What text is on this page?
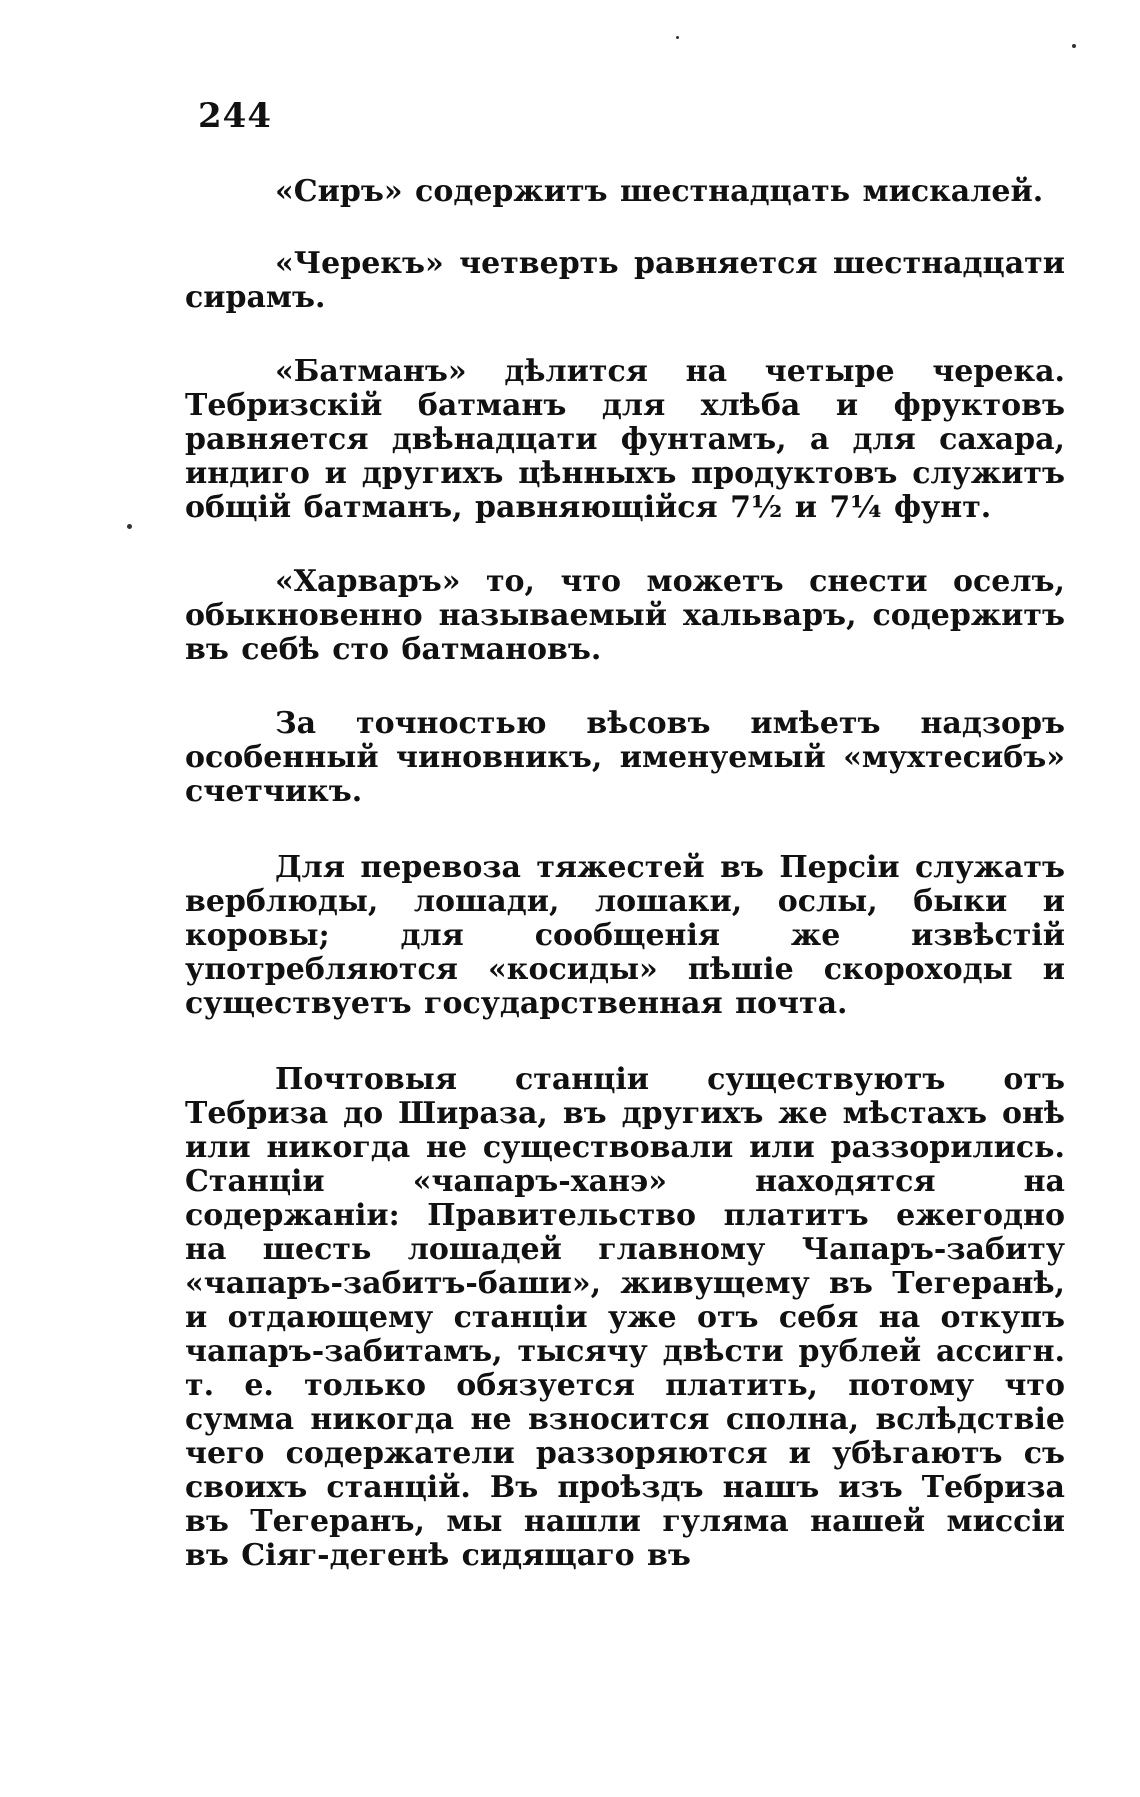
244

«Сиръ» содержитъ шестнадцать мискалей.

«Черекъ» четверть равняется шестнадцати сирамъ.

«Батманъ» дѣлится на четыре черека. Тебризскій батманъ для хлѣба и фруктовъ равняется двѣнадцати фунтамъ, а для сахара, индиго и другихъ цѣнныхъ продуктовъ служитъ общій батманъ, равняющійся 7½ и 7¼ фунт.

«Харваръ» то, что можетъ снести оселъ, обыкновенно называемый хальваръ, содержитъ въ себѣ сто батмановъ.

За точностью вѣсовъ имѣетъ надзоръ особенный чиновникъ, именуемый «мухтесибъ» счетчикъ.

Для перевоза тяжестей въ Персіи служатъ верблюды, лошади, лошаки, ослы, быки и коровы; для сообщенія же извѣстій употребляются «косиды» пѣшіе скороходы и существуетъ государственная почта.

Почтовыя станціи существуютъ отъ Тебриза до Шираза, въ другихъ же мѣстахъ онѣ или никогда не существовали или раззорились. Станціи «чапаръ-ханэ» находятся на содержаніи: Правительство платитъ ежегодно на шесть лошадей главному Чапаръ-забиту «чапаръ-забитъ-баши», живущему въ Тегеранѣ, и отдающему станціи уже отъ себя на откупъ чапаръ-забитамъ, тысячу двѣсти рублей ассигн. т. е. только обязуется платить, потому что сумма никогда не взносится сполна, вслѣдствіе чего содержатели раззоряются и убѣгаютъ съ своихъ станцій. Въ проѣздъ нашъ изъ Тебриза въ Тегеранъ, мы нашли гуляма нашей миссіи въ Сіяг-дегенѣ сидящаго въ
